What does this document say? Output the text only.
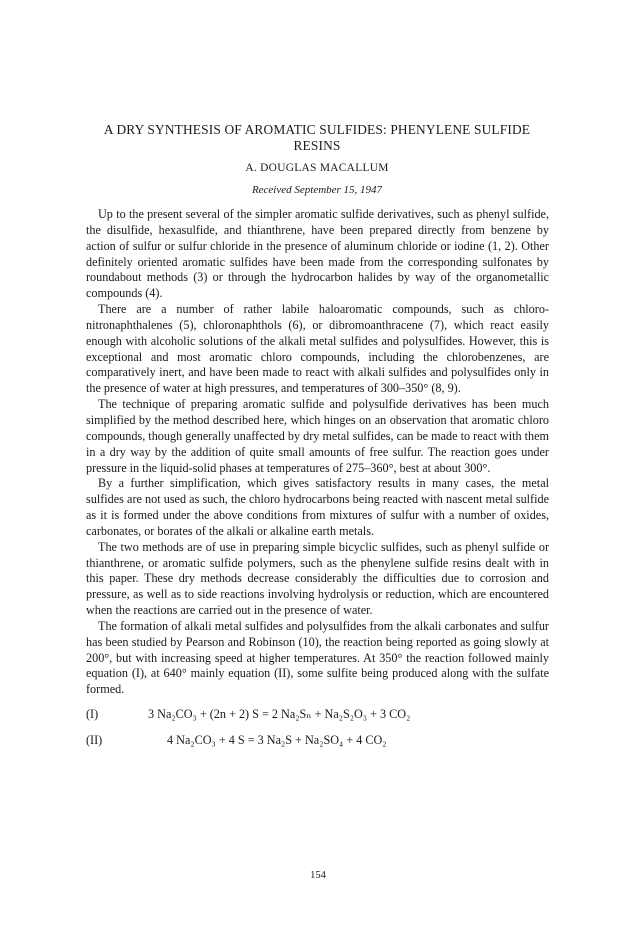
A DRY SYNTHESIS OF AROMATIC SULFIDES: PHENYLENE SULFIDE RESINS
A. DOUGLAS MACALLUM
Received September 15, 1947

Up to the present several of the simpler aromatic sulfide derivatives, such as phenyl sulfide, the disulfide, hexasulfide, and thianthrene, have been prepared directly from benzene by action of sulfur or sulfur chloride in the presence of aluminum chloride or iodine (1, 2). Other definitely oriented aromatic sulfides have been made from the corresponding sulfonates by roundabout methods (3) or through the hydrocarbon halides by way of the organometallic compounds (4).

There are a number of rather labile haloaromatic compounds, such as chloronitronaphthalenes (5), chloronaphthols (6), or dibromoanthracene (7), which react easily enough with alcoholic solutions of the alkali metal sulfides and polysulfides. However, this is exceptional and most aromatic chloro compounds, including the chlorobenzenes, are comparatively inert, and have been made to react with alkali sulfides and polysulfides only in the presence of water at high pressures, and temperatures of 300–350° (8, 9).

The technique of preparing aromatic sulfide and polysulfide derivatives has been much simplified by the method described here, which hinges on an observation that aromatic chloro compounds, though generally unaffected by dry metal sulfides, can be made to react with them in a dry way by the addition of quite small amounts of free sulfur. The reaction goes under pressure in the liquid-solid phases at temperatures of 275–360°, best at about 300°.

By a further simplification, which gives satisfactory results in many cases, the metal sulfides are not used as such, the chloro hydrocarbons being reacted with nascent metal sulfide as it is formed under the above conditions from mixtures of sulfur with a number of oxides, carbonates, or borates of the alkali or alkaline earth metals.

The two methods are of use in preparing simple bicyclic sulfides, such as phenyl sulfide or thianthrene, or aromatic sulfide polymers, such as the phenylene sulfide resins dealt with in this paper. These dry methods decrease considerably the difficulties due to corrosion and pressure, as well as to side reactions involving hydrolysis or reduction, which are encountered when the reactions are carried out in the presence of water.

The formation of alkali metal sulfides and polysulfides from the alkali carbonates and sulfur has been studied by Pearson and Robinson (10), the reaction being reported as going slowly at 200°, but with increasing speed at higher temperatures. At 350° the reaction followed mainly equation (I), at 640° mainly equation (II), some sulfite being produced along with the sulfate formed.

(I)	3 Na₂CO₃ + (2n + 2) S = 2 Na₂Sₙ + Na₂S₂O₃ + 3 CO₂
(II)	4 Na₂CO₃ + 4 S = 3 Na₂S + Na₂SO₄ + 4 CO₂
154
